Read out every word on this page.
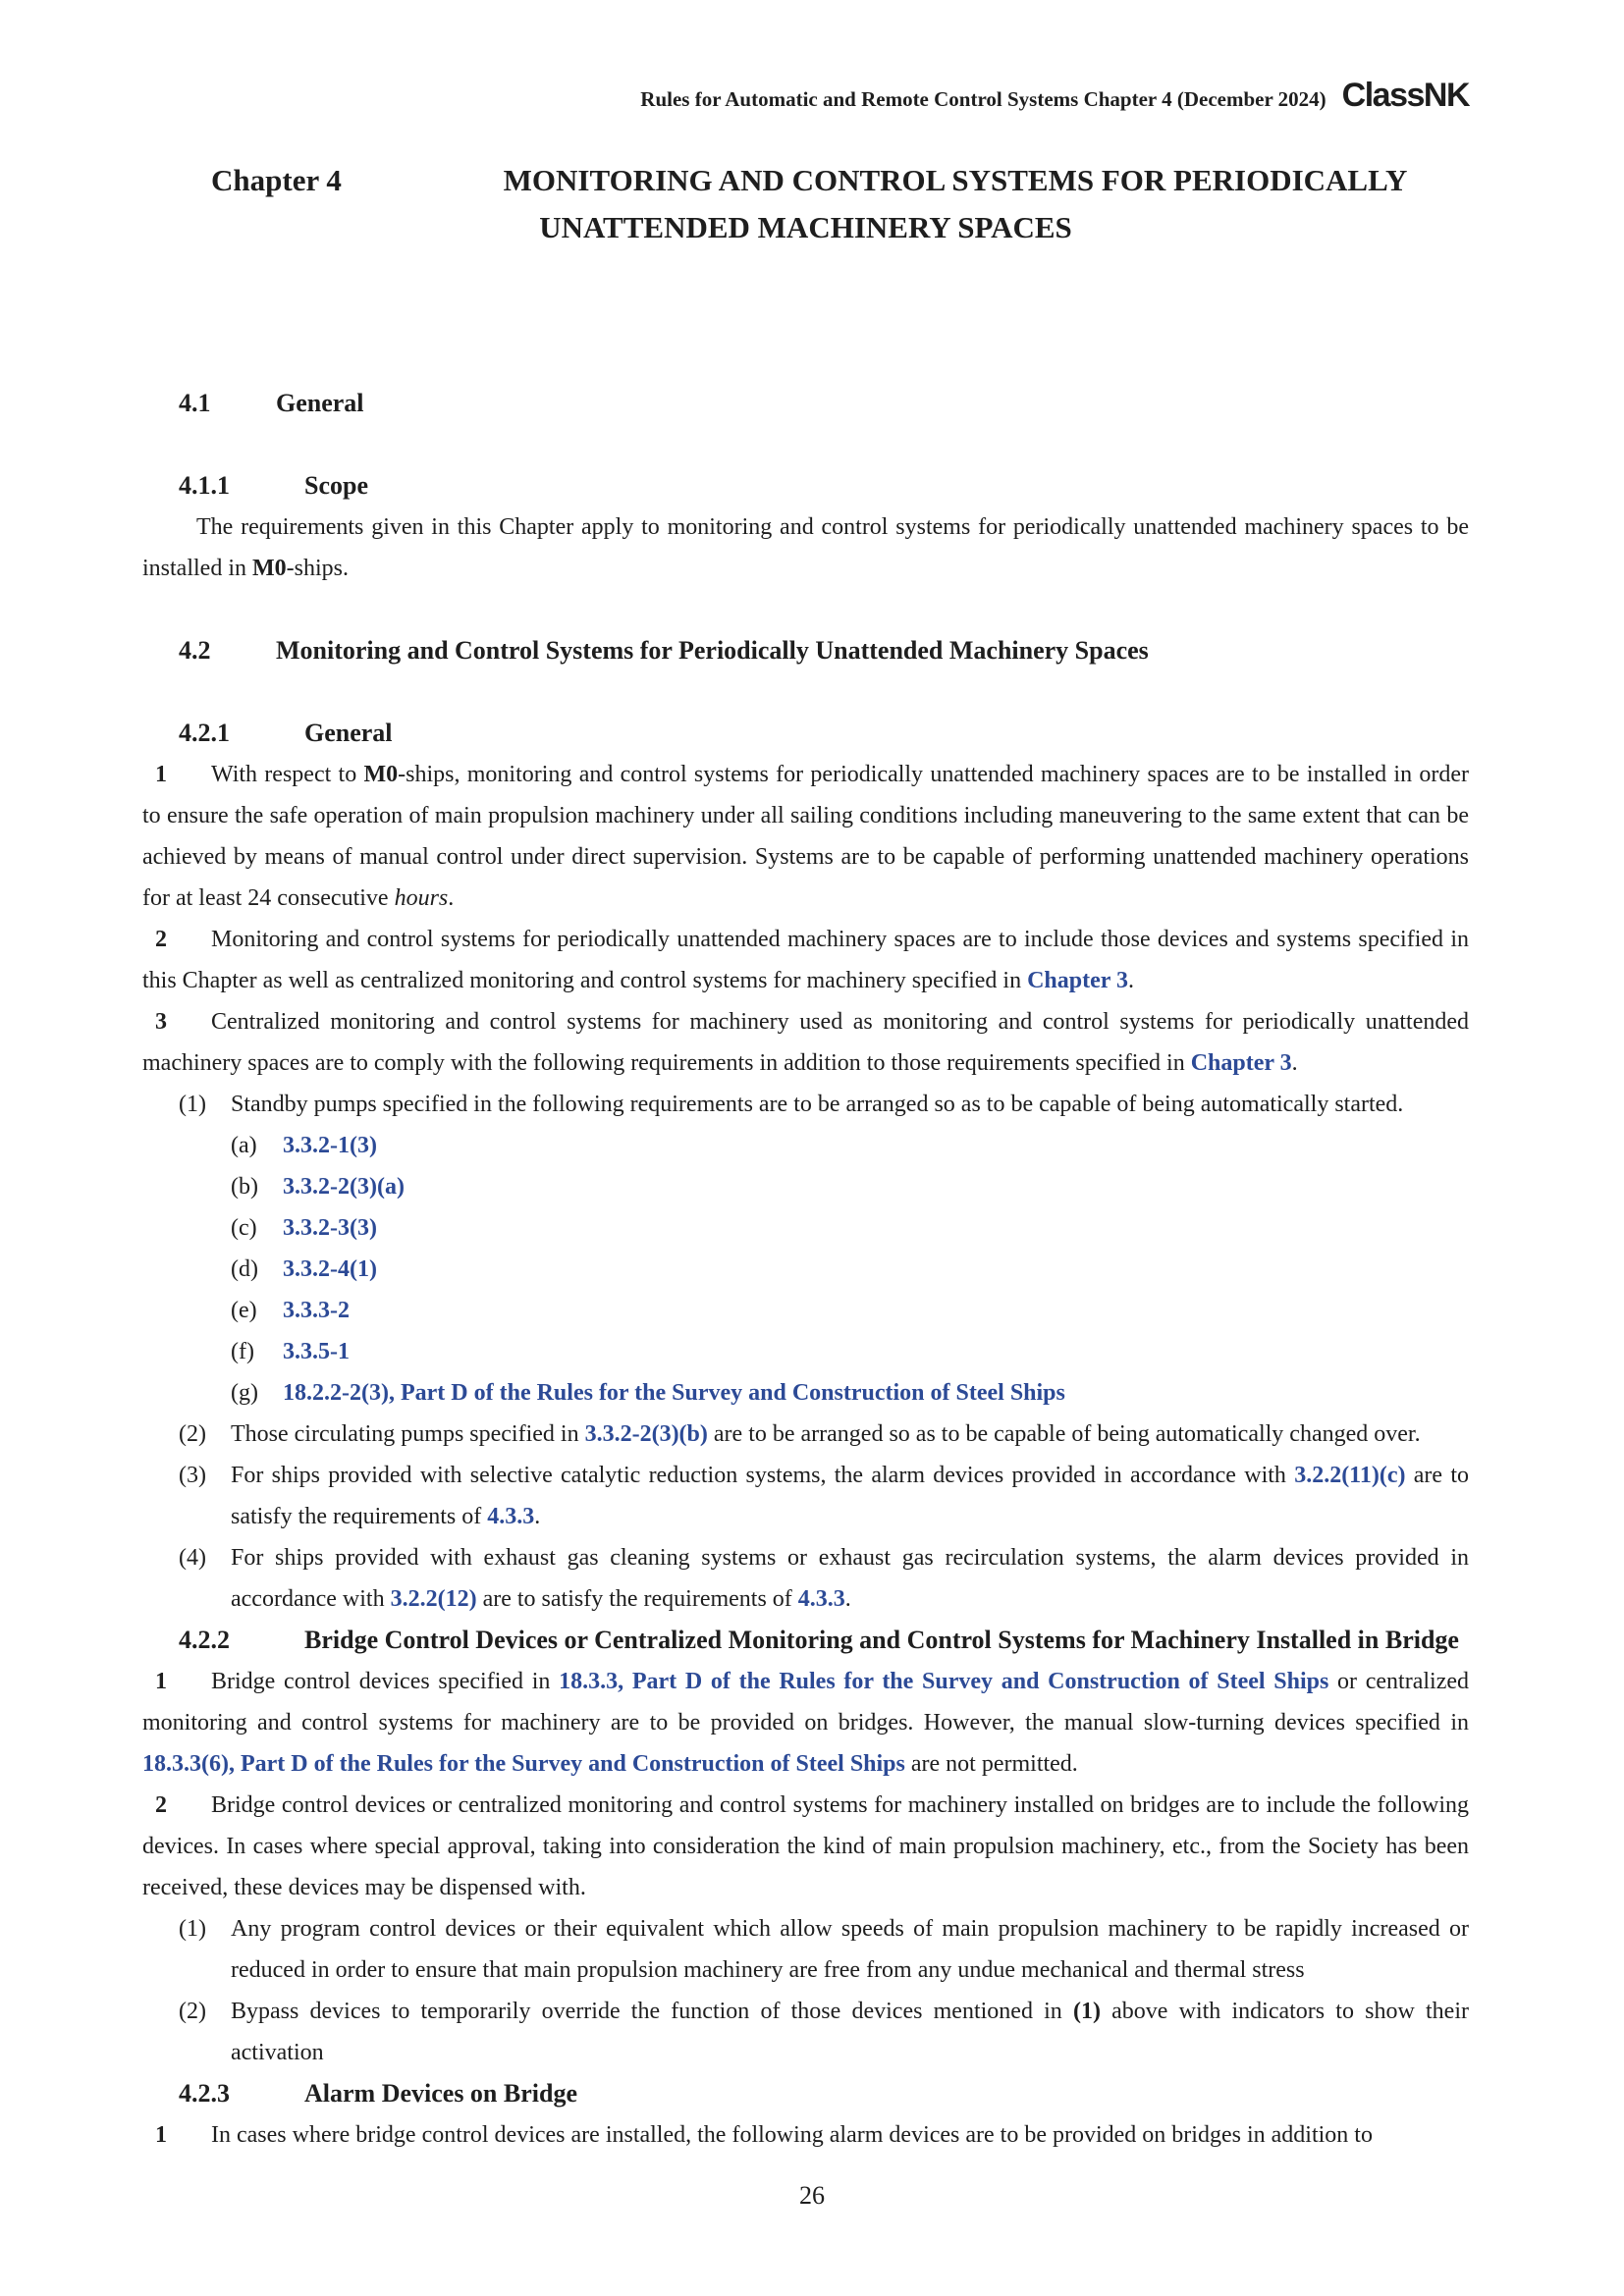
Rules for Automatic and Remote Control Systems Chapter 4 (December 2024) ClassNK
Chapter 4	MONITORING AND CONTROL SYSTEMS FOR PERIODICALLY
UNATTENDED MACHINERY SPACES
4.1	General
4.1.1	Scope

The requirements given in this Chapter apply to monitoring and control systems for periodically unattended machinery spaces to be installed in M0-ships.

4.2	Monitoring and Control Systems for Periodically Unattended Machinery Spaces
4.2.1	General

1 With respect to M0-ships, monitoring and control systems for periodically unattended machinery spaces are to be installed in order to ensure the safe operation of main propulsion machinery under all sailing conditions including maneuvering to the same extent that can be achieved by means of manual control under direct supervision. Systems are to be capable of performing unattended machinery operations for at least 24 consecutive hours.

2 Monitoring and control systems for periodically unattended machinery spaces are to include those devices and systems specified in this Chapter as well as centralized monitoring and control systems for machinery specified in Chapter 3.

3 Centralized monitoring and control systems for machinery used as monitoring and control systems for periodically unattended machinery spaces are to comply with the following requirements in addition to those requirements specified in Chapter 3.

(1) Standby pumps specified in the following requirements are to be arranged so as to be capable of being automatically started.

(a) 3.3.2-1(3)
(b) 3.3.2-2(3)(a)
(c) 3.3.2-3(3)
(d) 3.3.2-4(1)
(e) 3.3.3-2
(f) 3.3.5-1
(g) 18.2.2-2(3), Part D of the Rules for the Survey and Construction of Steel Ships

(2) Those circulating pumps specified in 3.3.2-2(3)(b) are to be arranged so as to be capable of being automatically changed over.

(3) For ships provided with selective catalytic reduction systems, the alarm devices provided in accordance with 3.2.2(11)(c) are to satisfy the requirements of 4.3.3.

(4) For ships provided with exhaust gas cleaning systems or exhaust gas recirculation systems, the alarm devices provided in accordance with 3.2.2(12) are to satisfy the requirements of 4.3.3.

4.2.2	Bridge Control Devices or Centralized Monitoring and Control Systems for Machinery Installed in Bridge

1 Bridge control devices specified in 18.3.3, Part D of the Rules for the Survey and Construction of Steel Ships or centralized monitoring and control systems for machinery are to be provided on bridges. However, the manual slow-turning devices specified in 18.3.3(6), Part D of the Rules for the Survey and Construction of Steel Ships are not permitted.

2 Bridge control devices or centralized monitoring and control systems for machinery installed on bridges are to include the following devices. In cases where special approval, taking into consideration the kind of main propulsion machinery, etc., from the Society has been received, these devices may be dispensed with.

(1) Any program control devices or their equivalent which allow speeds of main propulsion machinery to be rapidly increased or reduced in order to ensure that main propulsion machinery are free from any undue mechanical and thermal stress

(2) Bypass devices to temporarily override the function of those devices mentioned in (1) above with indicators to show their activation

4.2.3	Alarm Devices on Bridge

1 In cases where bridge control devices are installed, the following alarm devices are to be provided on bridges in addition to

26
